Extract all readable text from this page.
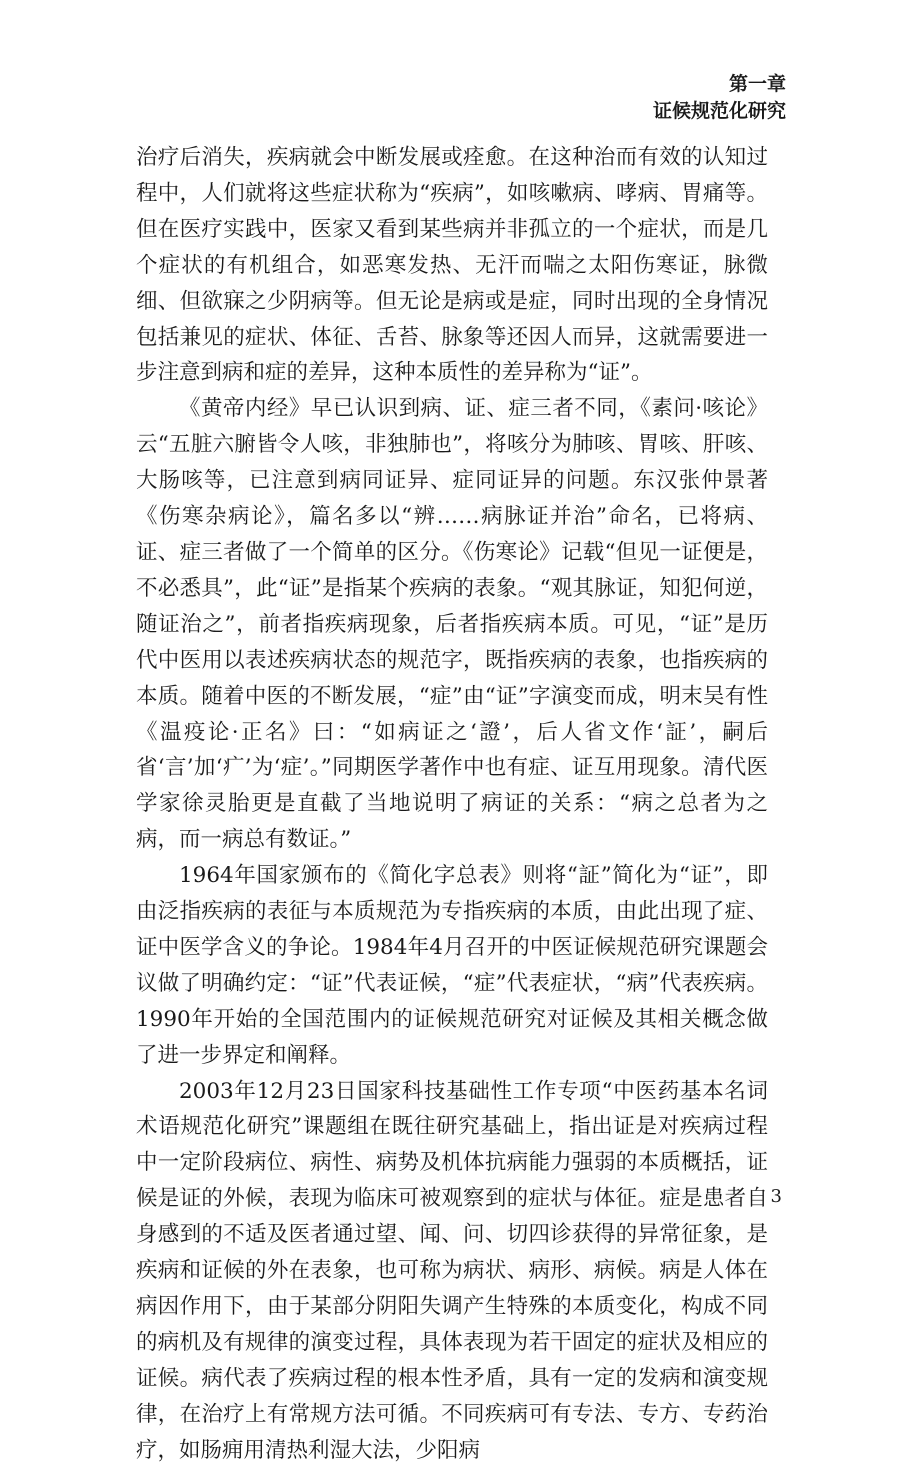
第一章
证候规范化研究

治疗后消失，疾病就会中断发展或痊愈。在这种治而有效的认知过程中，人们就将这些症状称为“疾病”，如咳嗽病、哮病、胃痛等。但在医疗实践中，医家又看到某些病并非孤立的一个症状，而是几个症状的有机组合，如恶寒发热、无汗而喘之太阳伤寒证，脉微细、但欲寐之少阴病等。但无论是病或是症，同时出现的全身情况包括兼见的症状、体征、舌苔、脉象等还因人而异，这就需要进一步注意到病和症的差异，这种本质性的差异称为“证”。

《黄帝内经》早已认识到病、证、症三者不同，《素问·咳论》云“五脏六腑皆令人咳，非独肺也”，将咳分为肺咳、胃咳、肝咳、大肠咳等，已注意到病同证异、症同证异的问题。东汉张仲景著《伤寒杂病论》，篇名多以“辨……病脉证并治”命名，已将病、证、症三者做了一个简单的区分。《伤寒论》记载“但见一证便是，不必悉具”，此“证”是指某个疾病的表象。“观其脉证，知犯何逆，随证治之”，前者指疾病现象，后者指疾病本质。可见，“证”是历代中医用以表述疾病状态的规范字，既指疾病的表象，也指疾病的本质。随着中医的不断发展，“症”由“证”字演变而成，明末吴有性《温疫论·正名》曰：“如病证之‘證’，后人省文作‘証’，嗣后省‘言’加‘疒’为‘症’。”同期医学著作中也有症、证互用现象。清代医学家徐灵胎更是直截了当地说明了病证的关系：“病之总者为之病，而一病总有数证。”

1964年国家颁布的《简化字总表》则将“証”简化为“证”，即由泛指疾病的表征与本质规范为专指疾病的本质，由此出现了症、证中医学含义的争论。1984年4月召开的中医证候规范研究课题会议做了明确约定：“证”代表证候，“症”代表症状，“病”代表疾病。1990年开始的全国范围内的证候规范研究对证候及其相关概念做了进一步界定和阐释。

2003年12月23日国家科技基础性工作专项“中医药基本名词术语规范化研究”课题组在既往研究基础上，指出证是对疾病过程中一定阶段病位、病性、病势及机体抗病能力强弱的本质概括，证候是证的外候，表现为临床可被观察到的症状与体征。症是患者自身感到的不适及医者通过望、闻、问、切四诊获得的异常征象，是疾病和证候的外在表象，也可称为病状、病形、病候。病是人体在病因作用下，由于某部分阴阳失调产生特殊的本质变化，构成不同的病机及有规律的演变过程，具体表现为若干固定的症状及相应的证候。病代表了疾病过程的根本性矛盾，具有一定的发病和演变规律，在治疗上有常规方法可循。不同疾病可有专法、专方、专药治疗，如肠痈用清热利湿大法，少阳病

3
